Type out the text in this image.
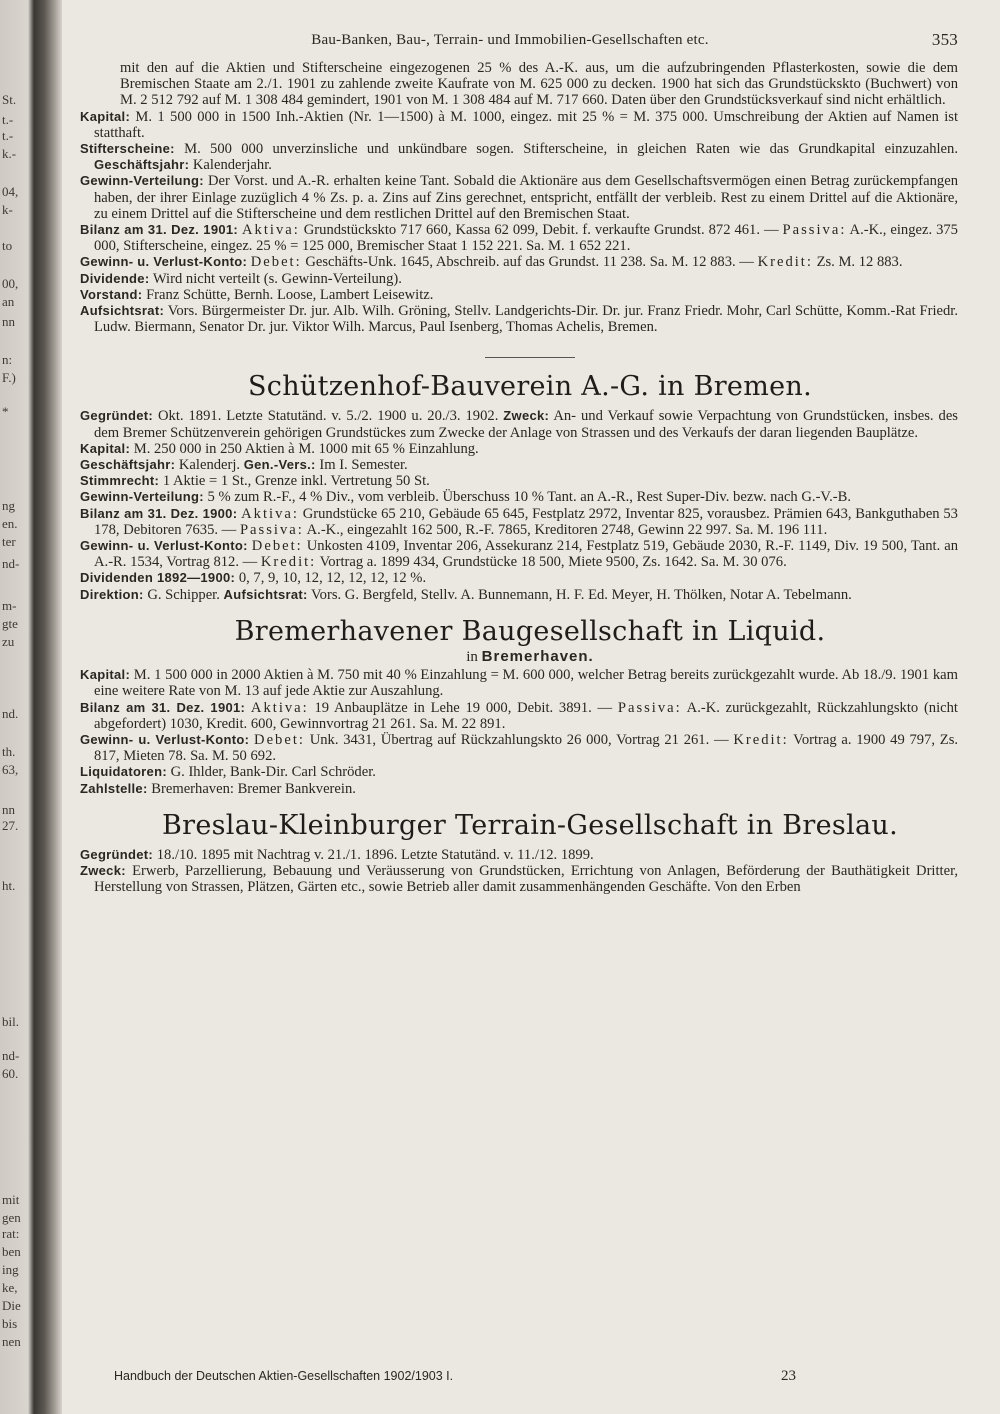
St.
t.-
t.-
k.-
04,
k-
to
00,
an
nn
n:
F.)
*
ng
en.
ter
nd-
m-
gte
zu
nd.
th.
63,
nn
27.
ht.
bil.
nd-
60.
mit
gen
rat:
ben
ing
ke,
Die
bis
nen
Bau-Banken, Bau-, Terrain- und Immobilien-Gesellschaften etc.	353

mit den auf die Aktien und Stifterscheine eingezogenen 25 % des A.-K. aus, um die aufzubringenden Pflasterkosten, sowie die dem Bremischen Staate am 2./1. 1901 zu zahlende zweite Kaufrate von M. 625 000 zu decken. 1900 hat sich das Grundstückskto (Buchwert) von M. 2 512 792 auf M. 1 308 484 gemindert, 1901 von M. 1 308 484 auf M. 717 660. Daten über den Grundstücksverkauf sind nicht erhältlich.

Kapital: M. 1 500 000 in 1500 Inh.-Aktien (Nr. 1—1500) à M. 1000, eingez. mit 25 % = M. 375 000. Umschreibung der Aktien auf Namen ist statthaft.

Stifterscheine: M. 500 000 unverzinsliche und unkündbare sogen. Stifterscheine, in gleichen Raten wie das Grundkapital einzuzahlen. Geschäftsjahr: Kalenderjahr.

Gewinn-Verteilung: Der Vorst. und A.-R. erhalten keine Tant. Sobald die Aktionäre aus dem Gesellschaftsvermögen einen Betrag zurückempfangen haben, der ihrer Einlage zuzüglich 4 % Zs. p. a. Zins auf Zins gerechnet, entspricht, entfällt der verbleib. Rest zu einem Drittel auf die Aktionäre, zu einem Drittel auf die Stifterscheine und dem restlichen Drittel auf den Bremischen Staat.

Bilanz am 31. Dez. 1901: Aktiva: Grundstückskto 717 660, Kassa 62 099, Debit. f. verkaufte Grundst. 872 461. — Passiva: A.-K., eingez. 375 000, Stifterscheine, eingez. 25 % = 125 000, Bremischer Staat 1 152 221. Sa. M. 1 652 221.

Gewinn- u. Verlust-Konto: Debet: Geschäfts-Unk. 1645, Abschreib. auf das Grundst. 11 238. Sa. M. 12 883. — Kredit: Zs. M. 12 883.

Dividende: Wird nicht verteilt (s. Gewinn-Verteilung).

Vorstand: Franz Schütte, Bernh. Loose, Lambert Leisewitz.

Aufsichtsrat: Vors. Bürgermeister Dr. jur. Alb. Wilh. Gröning, Stellv. Landgerichts-Dir. Dr. jur. Franz Friedr. Mohr, Carl Schütte, Komm.-Rat Friedr. Ludw. Biermann, Senator Dr. jur. Viktor Wilh. Marcus, Paul Isenberg, Thomas Achelis, Bremen.

Schützenhof-Bauverein A.-G. in Bremen.

Gegründet: Okt. 1891. Letzte Statutänd. v. 5./2. 1900 u. 20./3. 1902. Zweck: An- und Verkauf sowie Verpachtung von Grundstücken, insbes. des dem Bremer Schützenverein gehörigen Grundstückes zum Zwecke der Anlage von Strassen und des Verkaufs der daran liegenden Bauplätze.

Kapital: M. 250 000 in 250 Aktien à M. 1000 mit 65 % Einzahlung.

Geschäftsjahr: Kalenderj. Gen.-Vers.: Im I. Semester.

Stimmrecht: 1 Aktie = 1 St., Grenze inkl. Vertretung 50 St.

Gewinn-Verteilung: 5 % zum R.-F., 4 % Div., vom verbleib. Überschuss 10 % Tant. an A.-R., Rest Super-Div. bezw. nach G.-V.-B.

Bilanz am 31. Dez. 1900: Aktiva: Grundstücke 65 210, Gebäude 65 645, Festplatz 2972, Inventar 825, vorausbez. Prämien 643, Bankguthaben 53 178, Debitoren 7635. — Passiva: A.-K., eingezahlt 162 500, R.-F. 7865, Kreditoren 2748, Gewinn 22 997. Sa. M. 196 111.

Gewinn- u. Verlust-Konto: Debet: Unkosten 4109, Inventar 206, Assekuranz 214, Festplatz 519, Gebäude 2030, R.-F. 1149, Div. 19 500, Tant. an A.-R. 1534, Vortrag 812. — Kredit: Vortrag a. 1899 434, Grundstücke 18 500, Miete 9500, Zs. 1642. Sa. M. 30 076.

Dividenden 1892—1900: 0, 7, 9, 10, 12, 12, 12, 12, 12 %.

Direktion: G. Schipper. Aufsichtsrat: Vors. G. Bergfeld, Stellv. A. Bunnemann, H. F. Ed. Meyer, H. Thölken, Notar A. Tebelmann.

Bremerhavener Baugesellschaft in Liquid.
in Bremerhaven.

Kapital: M. 1 500 000 in 2000 Aktien à M. 750 mit 40 % Einzahlung = M. 600 000, welcher Betrag bereits zurückgezahlt wurde. Ab 18./9. 1901 kam eine weitere Rate von M. 13 auf jede Aktie zur Auszahlung.

Bilanz am 31. Dez. 1901: Aktiva: 19 Anbauplätze in Lehe 19 000, Debit. 3891. — Passiva: A.-K. zurückgezahlt, Rückzahlungskto (nicht abgefordert) 1030, Kredit. 600, Gewinnvortrag 21 261. Sa. M. 22 891.

Gewinn- u. Verlust-Konto: Debet: Unk. 3431, Übertrag auf Rückzahlungskto 26 000, Vortrag 21 261. — Kredit: Vortrag a. 1900 49 797, Zs. 817, Mieten 78. Sa. M. 50 692.

Liquidatoren: G. Ihlder, Bank-Dir. Carl Schröder.

Zahlstelle: Bremerhaven: Bremer Bankverein.

Breslau-Kleinburger Terrain-Gesellschaft in Breslau.

Gegründet: 18./10. 1895 mit Nachtrag v. 21./1. 1896. Letzte Statutänd. v. 11./12. 1899.

Zweck: Erwerb, Parzellierung, Bebauung und Veräusserung von Grundstücken, Errichtung von Anlagen, Beförderung der Bauthätigkeit Dritter, Herstellung von Strassen, Plätzen, Gärten etc., sowie Betrieb aller damit zusammenhängenden Geschäfte. Von den Erben

Handbuch der Deutschen Aktien-Gesellschaften 1902/1903 I.	23
